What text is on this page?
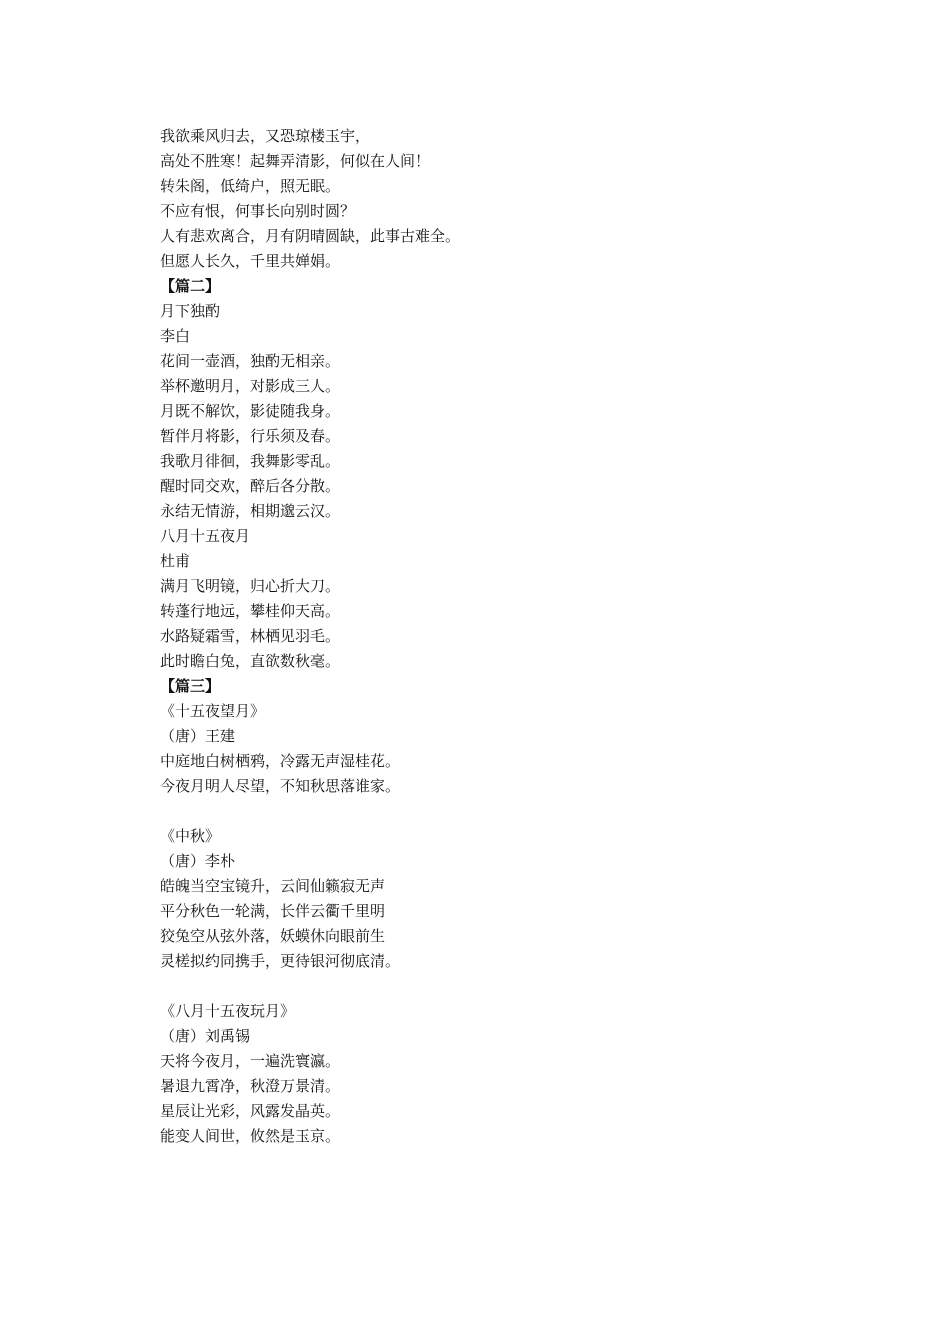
我欲乘风归去，又恐琼楼玉宇，
高处不胜寒！起舞弄清影，何似在人间！
转朱阁，低绮户，照无眠。
不应有恨，何事长向别时圆？
人有悲欢离合，月有阴晴圆缺，此事古难全。
但愿人长久，千里共婵娟。
【篇二】
月下独酌
李白
花间一壶酒，独酌无相亲。
举杯邀明月，对影成三人。
月既不解饮，影徒随我身。
暂伴月将影，行乐须及春。
我歌月徘徊，我舞影零乱。
醒时同交欢，醉后各分散。
永结无情游，相期邈云汉。
八月十五夜月
杜甫
满月飞明镜，归心折大刀。
转蓬行地远，攀桂仰天高。
水路疑霜雪，林栖见羽毛。
此时瞻白兔，直欲数秋毫。
【篇三】
《十五夜望月》
（唐）王建
中庭地白树栖鸦，冷露无声湿桂花。
今夜月明人尽望，不知秋思落谁家。
《中秋》
（唐）李朴
皓魄当空宝镜升，云间仙籁寂无声
平分秋色一轮满，长伴云衢千里明
狡兔空从弦外落，妖蟆休向眼前生
灵槎拟约同携手，更待银河彻底清。
《八月十五夜玩月》
（唐）刘禹锡
天将今夜月，一遍洗寰瀛。
暑退九霄净，秋澄万景清。
星辰让光彩，风露发晶英。
能变人间世，攸然是玉京。
